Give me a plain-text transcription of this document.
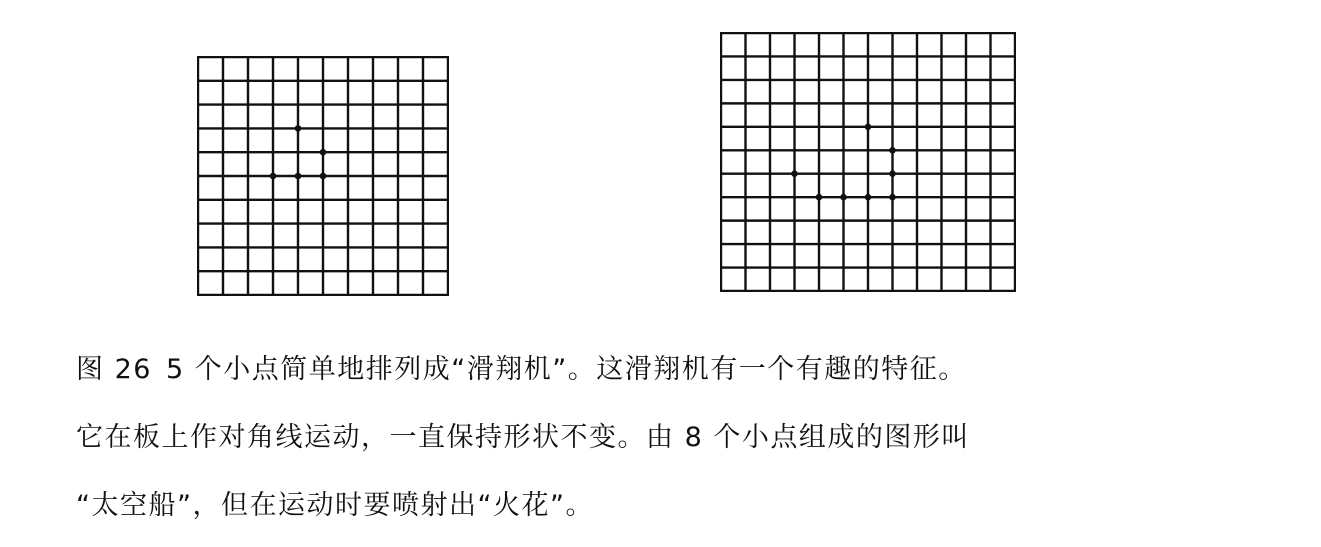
图 26 5 个小点简单地排列成“滑翔机”。这滑翔机有一个有趣的特征。
它在板上作对角线运动，一直保持形状不变。由 8 个小点组成的图形叫
“太空船”，但在运动时要喷射出“火花”。
